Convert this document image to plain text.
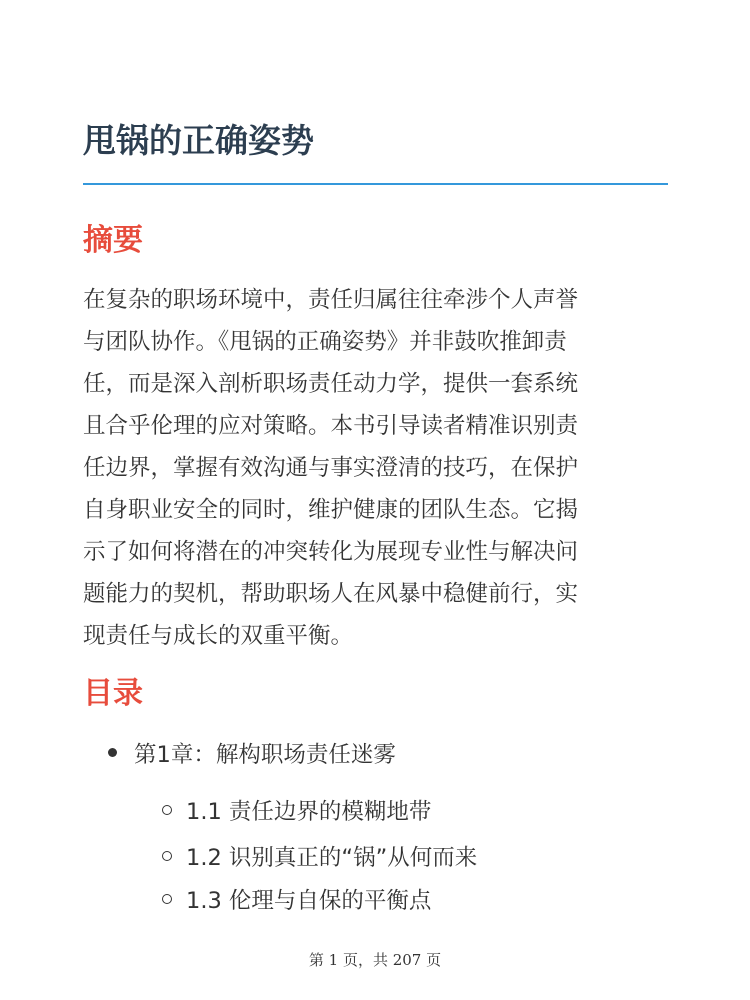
甩锅的正确姿势
摘要

在复杂的职场环境中，责任归属往往牵涉个人声誉
与团队协作。《甩锅的正确姿势》并非鼓吹推卸责
任，而是深入剖析职场责任动力学，提供一套系统
且合乎伦理的应对策略。本书引导读者精准识别责
任边界，掌握有效沟通与事实澄清的技巧，在保护
自身职业安全的同时，维护健康的团队生态。它揭
示了如何将潜在的冲突转化为展现专业性与解决问
题能力的契机，帮助职场人在风暴中稳健前行，实
现责任与成长的双重平衡。

目录
第1章：解构职场责任迷雾
1.1 责任边界的模糊地带
1.2 识别真正的“锅”从何而来
1.3 伦理与自保的平衡点
第 1 页，共 207 页
